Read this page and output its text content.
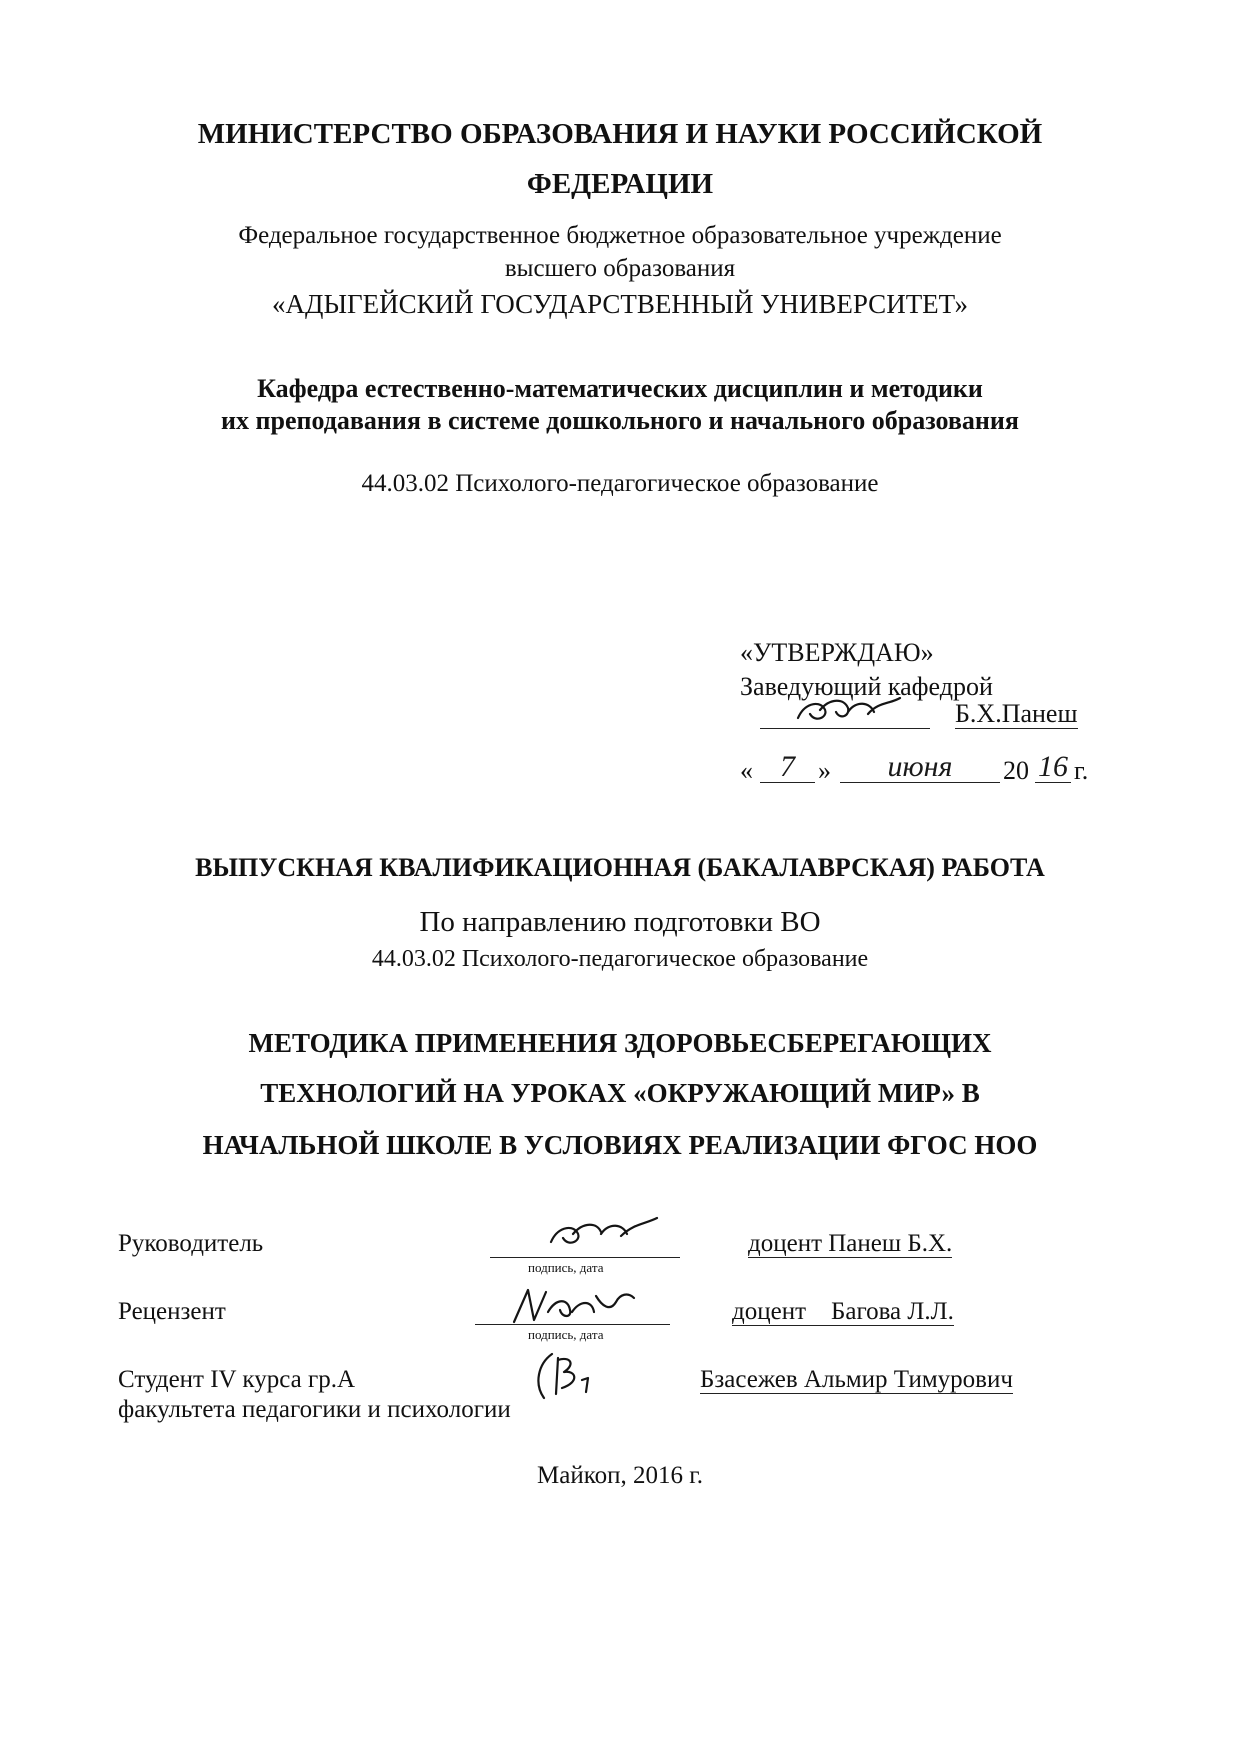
МИНИСТЕРСТВО ОБРАЗОВАНИЯ И НАУКИ РОССИЙСКОЙ
ФЕДЕРАЦИИ
Федеральное государственное бюджетное образовательное учреждение
высшего образования
«АДЫГЕЙСКИЙ ГОСУДАРСТВЕННЫЙ УНИВЕРСИТЕТ»
Кафедра естественно-математических дисциплин и методики
их преподавания в системе дошкольного и начального образования
44.03.02 Психолого-педагогическое образование
«УТВЕРЖДАЮ»
Заведующий кафедрой
Б.Х.Панеш
« 7 »	июня	20 16 г.
ВЫПУСКНАЯ КВАЛИФИКАЦИОННАЯ (БАКАЛАВРСКАЯ) РАБОТА
По направлению подготовки ВО
44.03.02 Психолого-педагогическое образование
МЕТОДИКА ПРИМЕНЕНИЯ ЗДОРОВЬЕСБЕРЕГАЮЩИХ
ТЕХНОЛОГИЙ НА УРОКАХ «ОКРУЖАЮЩИЙ МИР» В
НАЧАЛЬНОЙ ШКОЛЕ В УСЛОВИЯХ РЕАЛИЗАЦИИ ФГОС НОО
Руководитель
подпись, дата
доцент Панеш Б.Х.
Рецензент
подпись, дата
доцент    Багова Л.Л.
Студент IV курса гр.А
факультета педагогики и психологии
Бзасежев Альмир Тимурович
Майкоп, 2016 г.
